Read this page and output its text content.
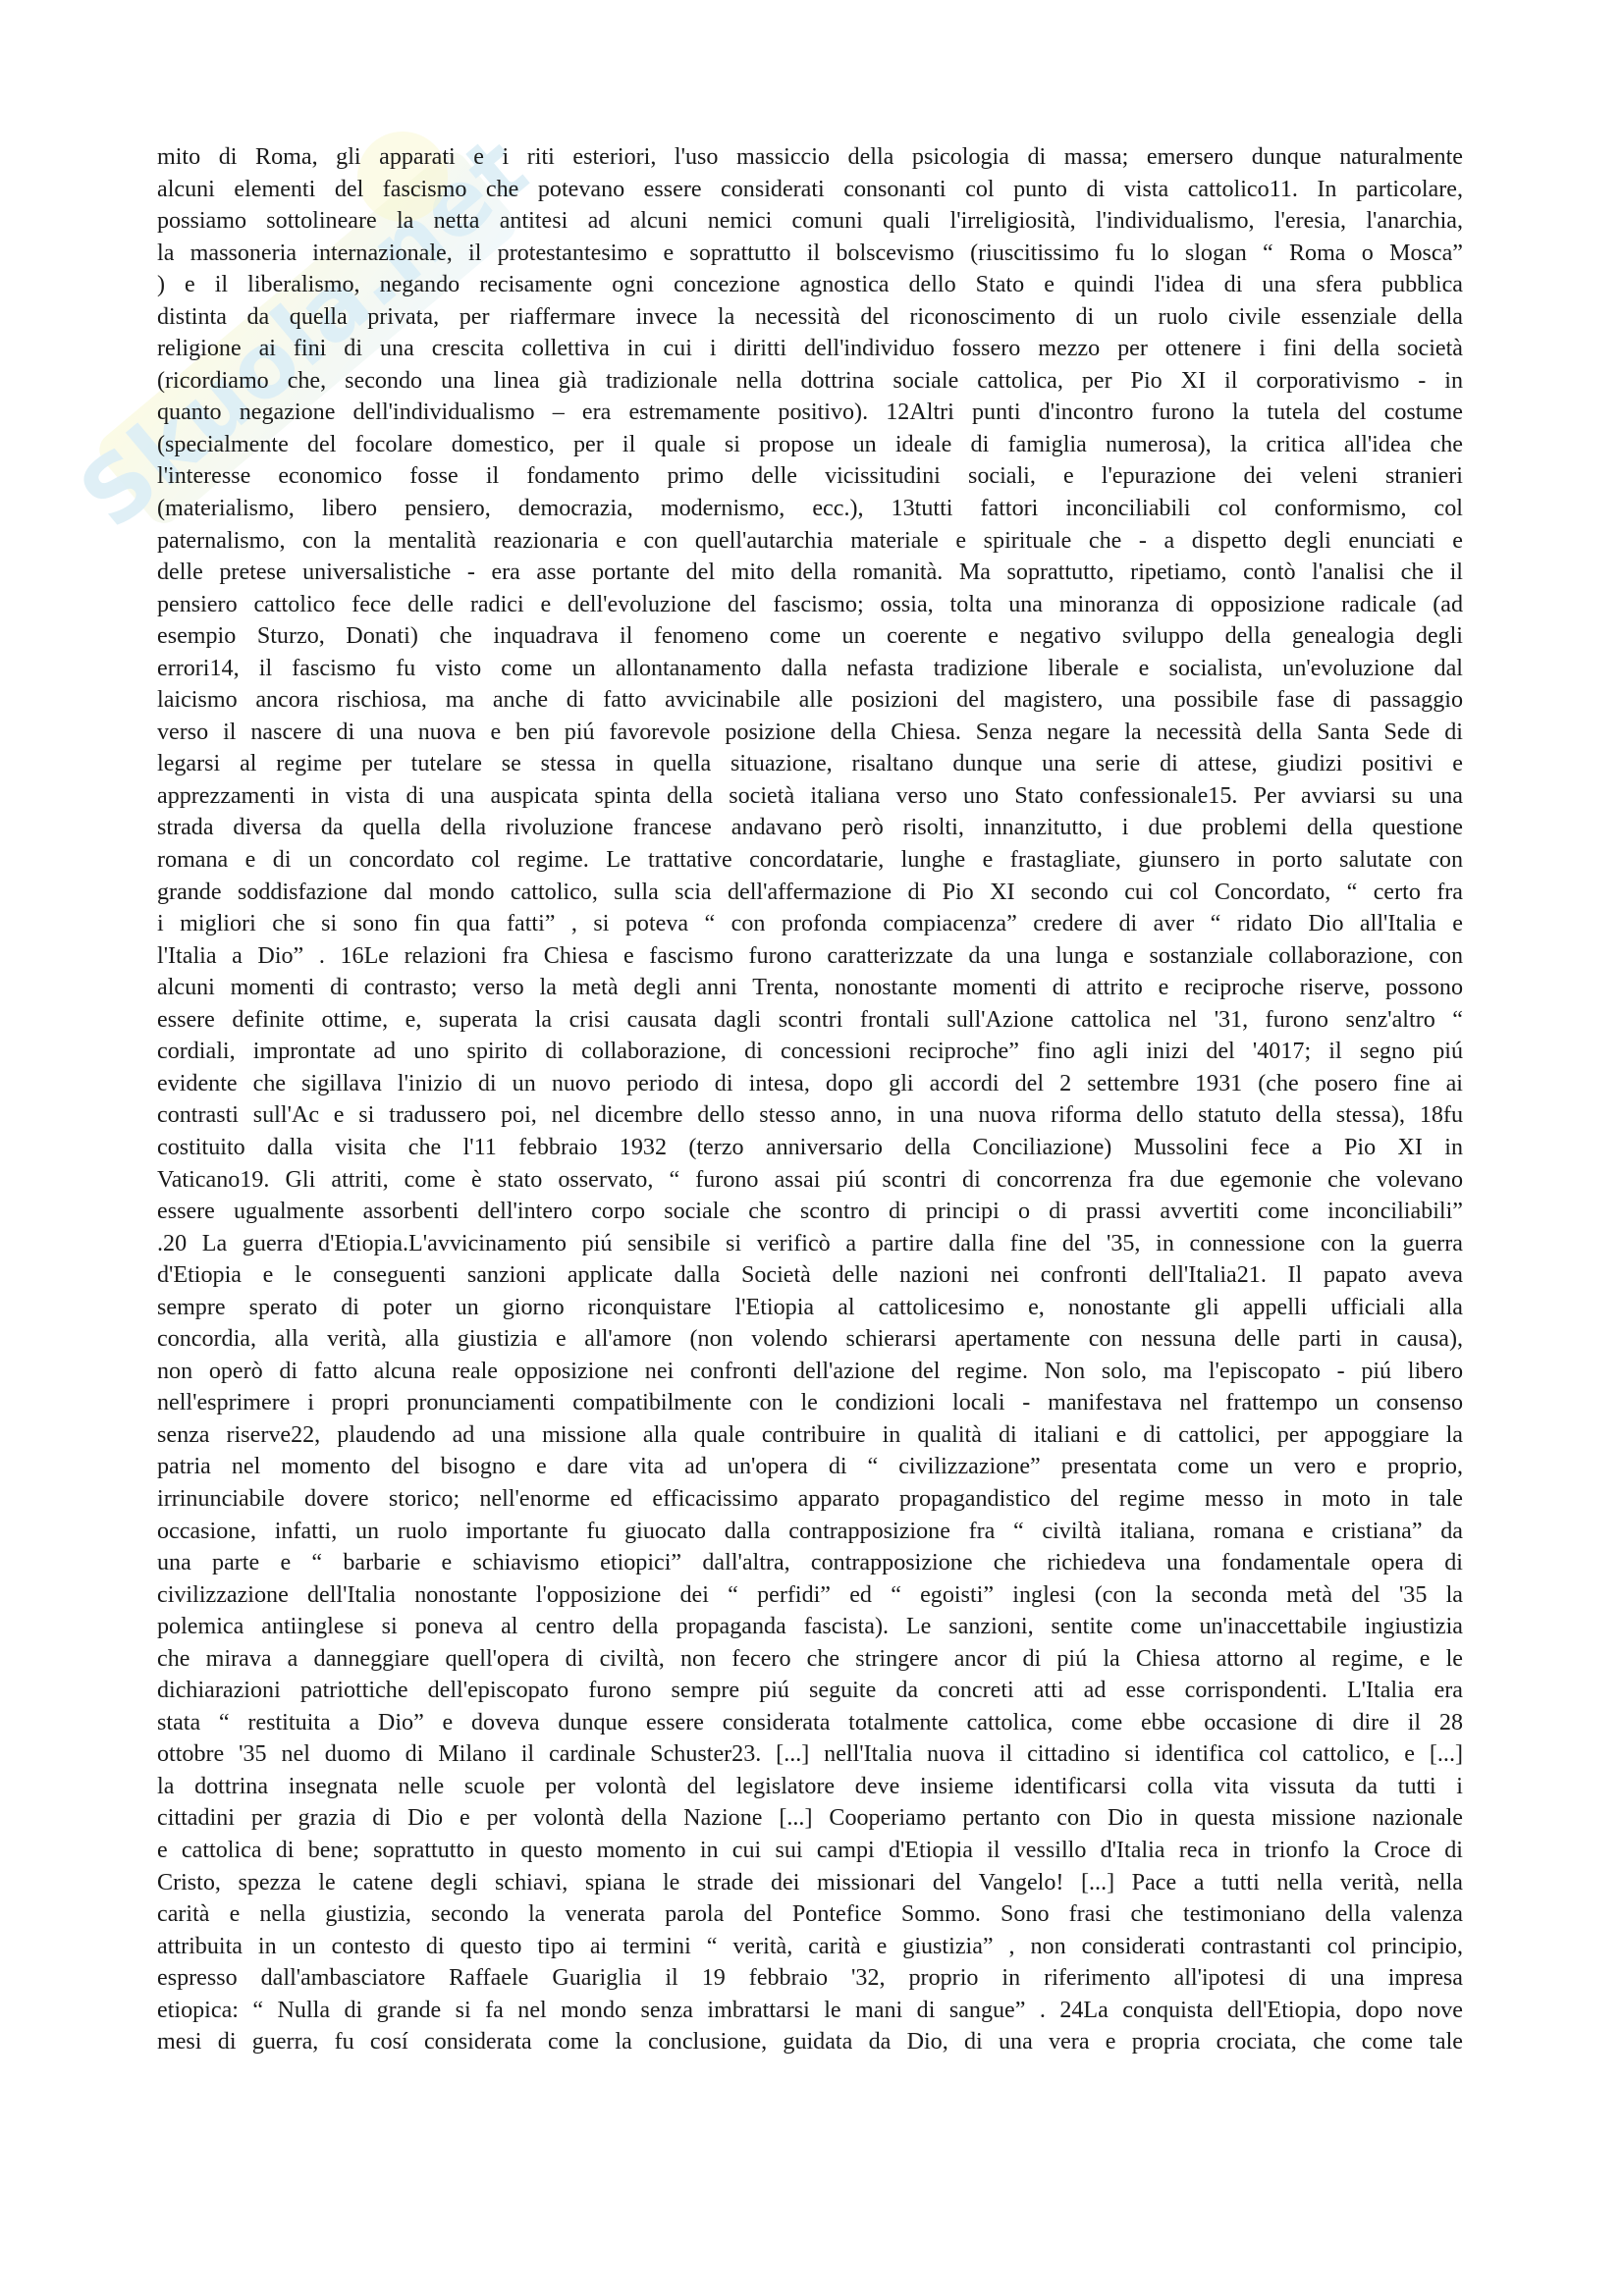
Skuola.net
mito di Roma, gli apparati e i riti esteriori, l'uso massiccio della psicologia di massa; emersero dunque naturalmente
alcuni elementi del fascismo che potevano essere considerati consonanti col punto di vista cattolico11. In particolare,
possiamo sottolineare la netta antitesi ad alcuni nemici comuni quali l'irreligiosità, l'individualismo, l'eresia, l'anarchia,
la massoneria internazionale, il protestantesimo e soprattutto il bolscevismo (riuscitissimo fu lo slogan “ Roma o Mosca”
) e il liberalismo, negando recisamente ogni concezione agnostica dello Stato e quindi l'idea di una sfera pubblica
distinta da quella privata, per riaffermare invece la necessità del riconoscimento di un ruolo civile essenziale della
religione ai fini di una crescita collettiva in cui i diritti dell'individuo fossero mezzo per ottenere i fini della società
(ricordiamo che, secondo una linea già tradizionale nella dottrina sociale cattolica, per Pio XI il corporativismo - in
quanto negazione dell'individualismo – era estremamente positivo). 12Altri punti d'incontro furono la tutela del costume
(specialmente del focolare domestico, per il quale si propose un ideale di famiglia numerosa), la critica all'idea che
l'interesse economico fosse il fondamento primo delle vicissitudini sociali, e l'epurazione dei veleni stranieri
(materialismo, libero pensiero, democrazia, modernismo, ecc.), 13tutti fattori inconciliabili col conformismo, col
paternalismo, con la mentalità reazionaria e con quell'autarchia materiale e spirituale che - a dispetto degli enunciati e
delle pretese universalistiche - era asse portante del mito della romanità. Ma soprattutto, ripetiamo, contò l'analisi che il
pensiero cattolico fece delle radici e dell'evoluzione del fascismo; ossia, tolta una minoranza di opposizione radicale (ad
esempio Sturzo, Donati) che inquadrava il fenomeno come un coerente e negativo sviluppo della genealogia degli
errori14, il fascismo fu visto come un allontanamento dalla nefasta tradizione liberale e socialista, un'evoluzione dal
laicismo ancora rischiosa, ma anche di fatto avvicinabile alle posizioni del magistero, una possibile fase di passaggio
verso il nascere di una nuova e ben piú favorevole posizione della Chiesa. Senza negare la necessità della Santa Sede di
legarsi al regime per tutelare se stessa in quella situazione, risaltano dunque una serie di attese, giudizi positivi e
apprezzamenti in vista di una auspicata spinta della società italiana verso uno Stato confessionale15. Per avviarsi su una
strada diversa da quella della rivoluzione francese andavano però risolti, innanzitutto, i due problemi della questione
romana e di un concordato col regime. Le trattative concordatarie, lunghe e frastagliate, giunsero in porto salutate con
grande soddisfazione dal mondo cattolico, sulla scia dell'affermazione di Pio XI secondo cui col Concordato, “ certo fra
i migliori che si sono fin qua fatti” , si poteva “ con profonda compiacenza” credere di aver “ ridato Dio all'Italia e
l'Italia a Dio” . 16Le relazioni fra Chiesa e fascismo furono caratterizzate da una lunga e sostanziale collaborazione, con
alcuni momenti di contrasto; verso la metà degli anni Trenta, nonostante momenti di attrito e reciproche riserve, possono
essere definite ottime, e, superata la crisi causata dagli scontri frontali sull'Azione cattolica nel '31, furono senz'altro “
cordiali, improntate ad uno spirito di collaborazione, di concessioni reciproche” fino agli inizi del '4017; il segno piú
evidente che sigillava l'inizio di un nuovo periodo di intesa, dopo gli accordi del 2 settembre 1931 (che posero fine ai
contrasti sull'Ac e si tradussero poi, nel dicembre dello stesso anno, in una nuova riforma dello statuto della stessa), 18fu
costituito dalla visita che l'11 febbraio 1932 (terzo anniversario della Conciliazione) Mussolini fece a Pio XI in
Vaticano19. Gli attriti, come è stato osservato, “ furono assai piú scontri di concorrenza fra due egemonie che volevano
essere ugualmente assorbenti dell'intero corpo sociale che scontro di principi o di prassi avvertiti come inconciliabili”
.20 La guerra d'Etiopia.L'avvicinamento piú sensibile si verificò a partire dalla fine del '35, in connessione con la guerra
d'Etiopia e le conseguenti sanzioni applicate dalla Società delle nazioni nei confronti dell'Italia21. Il papato aveva
sempre sperato di poter un giorno riconquistare l'Etiopia al cattolicesimo e, nonostante gli appelli ufficiali alla
concordia, alla verità, alla giustizia e all'amore (non volendo schierarsi apertamente con nessuna delle parti in causa),
non operò di fatto alcuna reale opposizione nei confronti dell'azione del regime. Non solo, ma l'episcopato - piú libero
nell'esprimere i propri pronunciamenti compatibilmente con le condizioni locali - manifestava nel frattempo un consenso
senza riserve22, plaudendo ad una missione alla quale contribuire in qualità di italiani e di cattolici, per appoggiare la
patria nel momento del bisogno e dare vita ad un'opera di “ civilizzazione” presentata come un vero e proprio,
irrinunciabile dovere storico; nell'enorme ed efficacissimo apparato propagandistico del regime messo in moto in tale
occasione, infatti, un ruolo importante fu giuocato dalla contrapposizione fra “ civiltà italiana, romana e cristiana” da
una parte e “ barbarie e schiavismo etiopici” dall'altra, contrapposizione che richiedeva una fondamentale opera di
civilizzazione dell'Italia nonostante l'opposizione dei “ perfidi” ed “ egoisti” inglesi (con la seconda metà del '35 la
polemica antiinglese si poneva al centro della propaganda fascista). Le sanzioni, sentite come un'inaccettabile ingiustizia
che mirava a danneggiare quell'opera di civiltà, non fecero che stringere ancor di piú la Chiesa attorno al regime, e le
dichiarazioni patriottiche dell'episcopato furono sempre piú seguite da concreti atti ad esse corrispondenti. L'Italia era
stata “ restituita a Dio” e doveva dunque essere considerata totalmente cattolica, come ebbe occasione di dire il 28
ottobre '35 nel duomo di Milano il cardinale Schuster23. [...] nell'Italia nuova il cittadino si identifica col cattolico, e [...]
la dottrina insegnata nelle scuole per volontà del legislatore deve insieme identificarsi colla vita vissuta da tutti i
cittadini per grazia di Dio e per volontà della Nazione [...] Cooperiamo pertanto con Dio in questa missione nazionale
e cattolica di bene; soprattutto in questo momento in cui sui campi d'Etiopia il vessillo d'Italia reca in trionfo la Croce di
Cristo, spezza le catene degli schiavi, spiana le strade dei missionari del Vangelo! [...] Pace a tutti nella verità, nella
carità e nella giustizia, secondo la venerata parola del Pontefice Sommo. Sono frasi che testimoniano della valenza
attribuita in un contesto di questo tipo ai termini “ verità, carità e giustizia” , non considerati contrastanti col principio,
espresso dall'ambasciatore Raffaele Guariglia il 19 febbraio '32, proprio in riferimento all'ipotesi di una impresa
etiopica: “ Nulla di grande si fa nel mondo senza imbrattarsi le mani di sangue” . 24La conquista dell'Etiopia, dopo nove
mesi di guerra, fu cosí considerata come la conclusione, guidata da Dio, di una vera e propria crociata, che come tale
